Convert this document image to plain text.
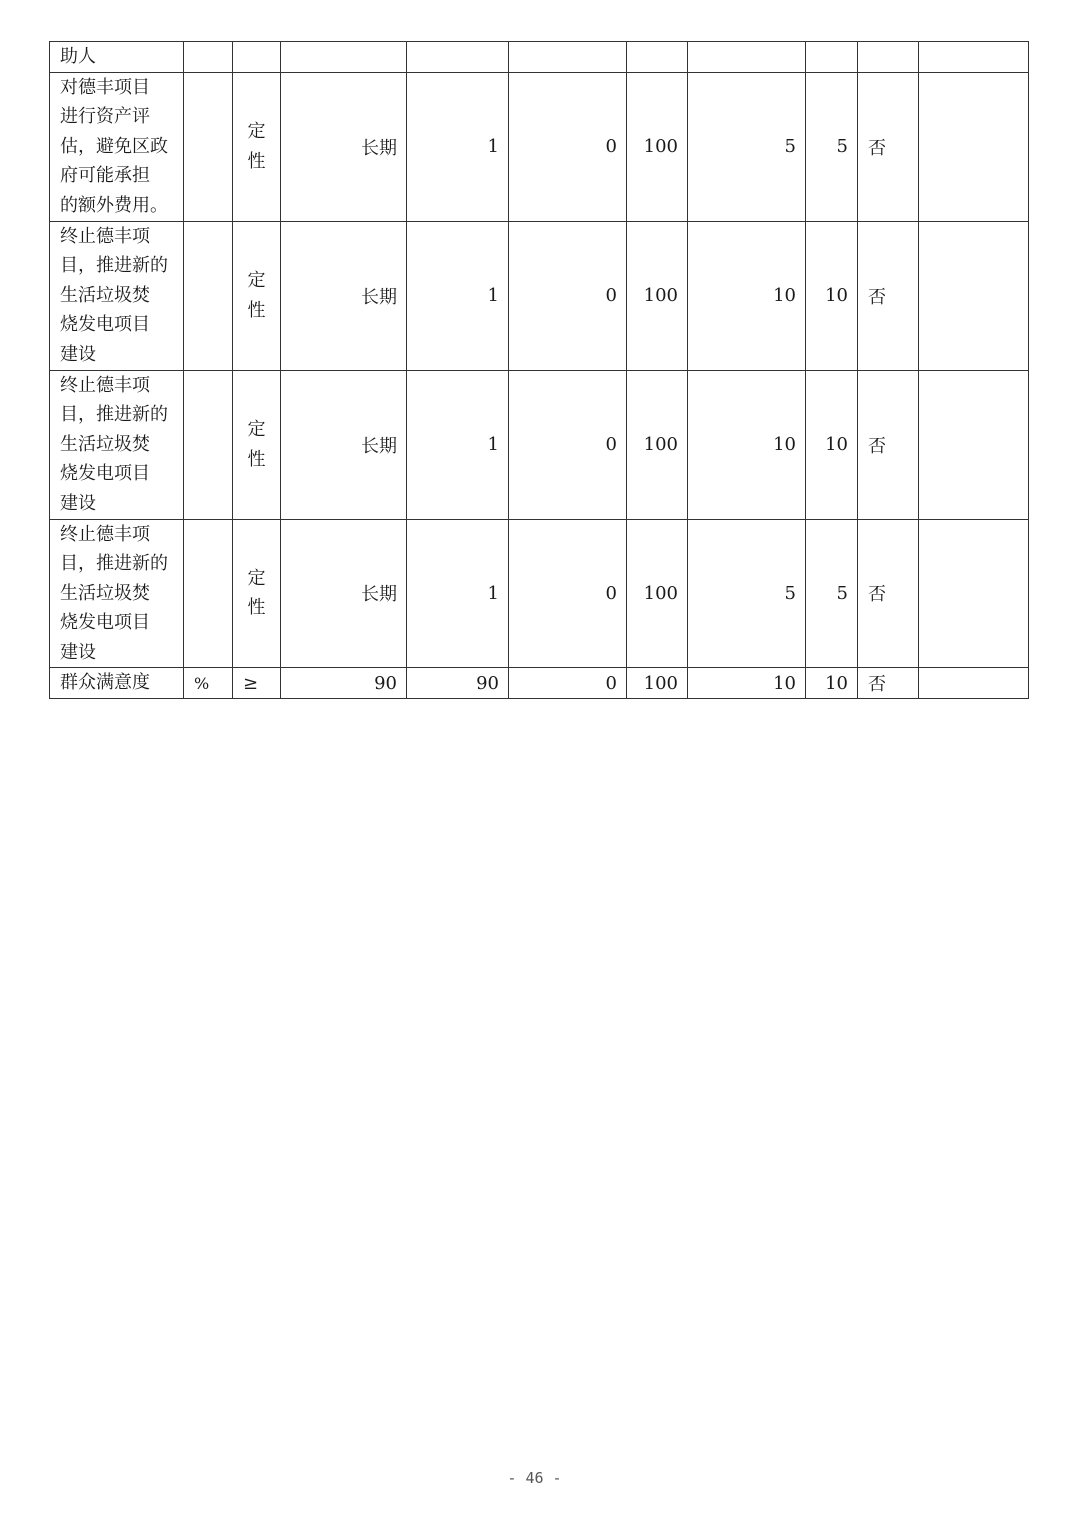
助人										

对德丰项目
进行资产评
估，避免区政
府可能承担
的额外费用。		定
性	长期	1	0	100	5	5	否	

终止德丰项
目，推进新的
生活垃圾焚
烧发电项目
建设		定
性	长期	1	0	100	10	10	否	

终止德丰项
目，推进新的
生活垃圾焚
烧发电项目
建设		定
性	长期	1	0	100	10	10	否	

终止德丰项
目，推进新的
生活垃圾焚
烧发电项目
建设		定
性	长期	1	0	100	5	5	否	

群众满意度	%	≥	90	90	0	100	10	10	否	
- 46 -
